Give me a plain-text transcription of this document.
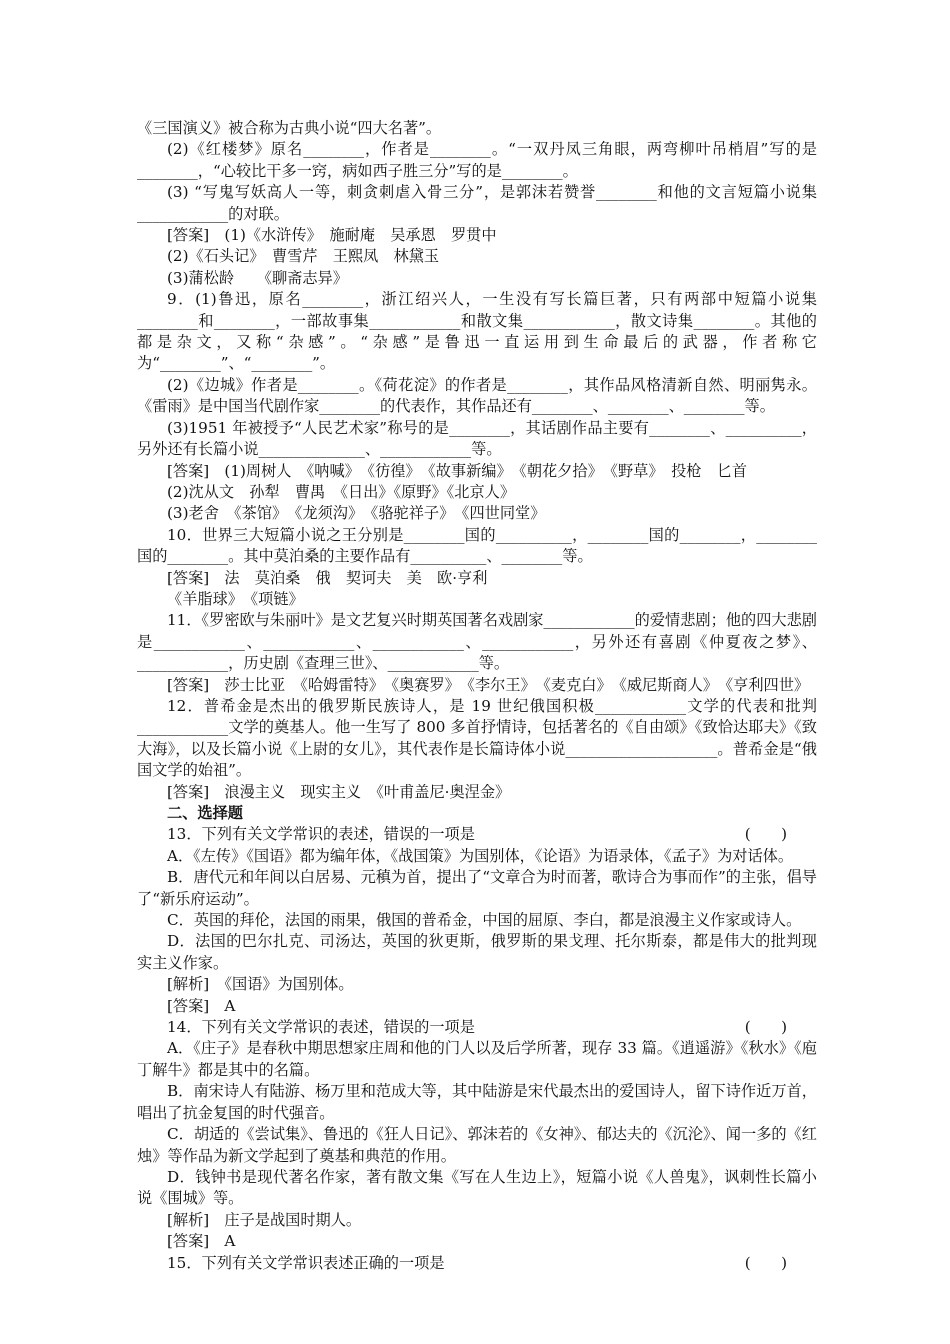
《三国演义》被合称为古典小说“四大名著”。
(2)《红楼梦》原名________，作者是________。“一双丹凤三角眼，两弯柳叶吊梢眉”写的是________，“心较比干多一窍，病如西子胜三分”写的是________。
(3) “写鬼写妖高人一等，刺贪刺虐入骨三分”，是郭沫若赞誉________和他的文言短篇小说集____________的对联。
[答案]　(1)《水浒传》　施耐庵　吴承恩　罗贯中
(2)《石头记》　曹雪芹　王熙凤　林黛玉
(3)蒲松龄　　《聊斋志异》
9．(1)鲁迅，原名________，浙江绍兴人，一生没有写长篇巨著，只有两部中短篇小说集________和________，一部故事集____________和散文集____________，散文诗集________。其他的都是杂文，又称“杂感”。“杂感”是鲁迅一直运用到生命最后的武器，作者称它为“________”、“________”。
(2)《边城》作者是________。《荷花淀》的作者是________，其作品风格清新自然、明丽隽永。《雷雨》是中国当代剧作家________的代表作，其作品还有________、________、________等。
(3)1951 年被授予“人民艺术家”称号的是________，其话剧作品主要有________、__________，另外还有长篇小说______________、____________等。
[答案]　(1)周树人　《呐喊》　《彷徨》　《故事新编》　《朝花夕拾》　《野草》　投枪　匕首
(2)沈从文　孙犁　曹禺　《日出》《原野》《北京人》
(3)老舍　《茶馆》　《龙须沟》　《骆驼祥子》　《四世同堂》
10．世界三大短篇小说之王分别是________国的__________，________国的________，________国的________。其中莫泊桑的主要作品有__________、________等。
[答案]　法　莫泊桑　俄　契诃夫　美　欧·亨利
《羊脂球》　《项链》
11．《罗密欧与朱丽叶》是文艺复兴时期英国著名戏剧家____________的爱情悲剧；他的四大悲剧是____________、____________、____________、____________，另外还有喜剧《仲夏夜之梦》、____________，历史剧《查理三世》、____________等。
[答案]　莎士比亚　《哈姆雷特》　《奥赛罗》　《李尔王》　《麦克白》　《威尼斯商人》　《亨利四世》
12．普希金是杰出的俄罗斯民族诗人，是 19 世纪俄国积极____________文学的代表和批判____________文学的奠基人。他一生写了 800 多首抒情诗，包括著名的《自由颂》《致恰达耶夫》《致大海》，以及长篇小说《上尉的女儿》，其代表作是长篇诗体小说____________________。普希金是“俄国文学的始祖”。
[答案]　浪漫主义　现实主义　《叶甫盖尼·奥涅金》
二、选择题
13．下列有关文学常识的表述，错误的一项是	(　　)
A．《左传》《国语》都为编年体，《战国策》为国别体，《论语》为语录体，《孟子》为对话体。
B．唐代元和年间以白居易、元稹为首，提出了“文章合为时而著，歌诗合为事而作”的主张，倡导了“新乐府运动”。
C．英国的拜伦，法国的雨果，俄国的普希金，中国的屈原、李白，都是浪漫主义作家或诗人。
D．法国的巴尔扎克、司汤达，英国的狄更斯，俄罗斯的果戈理、托尔斯泰，都是伟大的批判现实主义作家。
[解析]　《国语》为国别体。
[答案]　A
14．下列有关文学常识的表述，错误的一项是	(　　)
A．《庄子》是春秋中期思想家庄周和他的门人以及后学所著，现存 33 篇。《逍遥游》《秋水》《庖丁解牛》都是其中的名篇。
B．南宋诗人有陆游、杨万里和范成大等，其中陆游是宋代最杰出的爱国诗人，留下诗作近万首，唱出了抗金复国的时代强音。
C．胡适的《尝试集》、鲁迅的《狂人日记》、郭沫若的《女神》、郁达夫的《沉沦》、闻一多的《红烛》等作品为新文学起到了奠基和典范的作用。
D．钱钟书是现代著名作家，著有散文集《写在人生边上》，短篇小说《人兽鬼》，讽刺性长篇小说《围城》等。
[解析]　庄子是战国时期人。
[答案]　A
15．下列有关文学常识表述正确的一项是	(　　)
